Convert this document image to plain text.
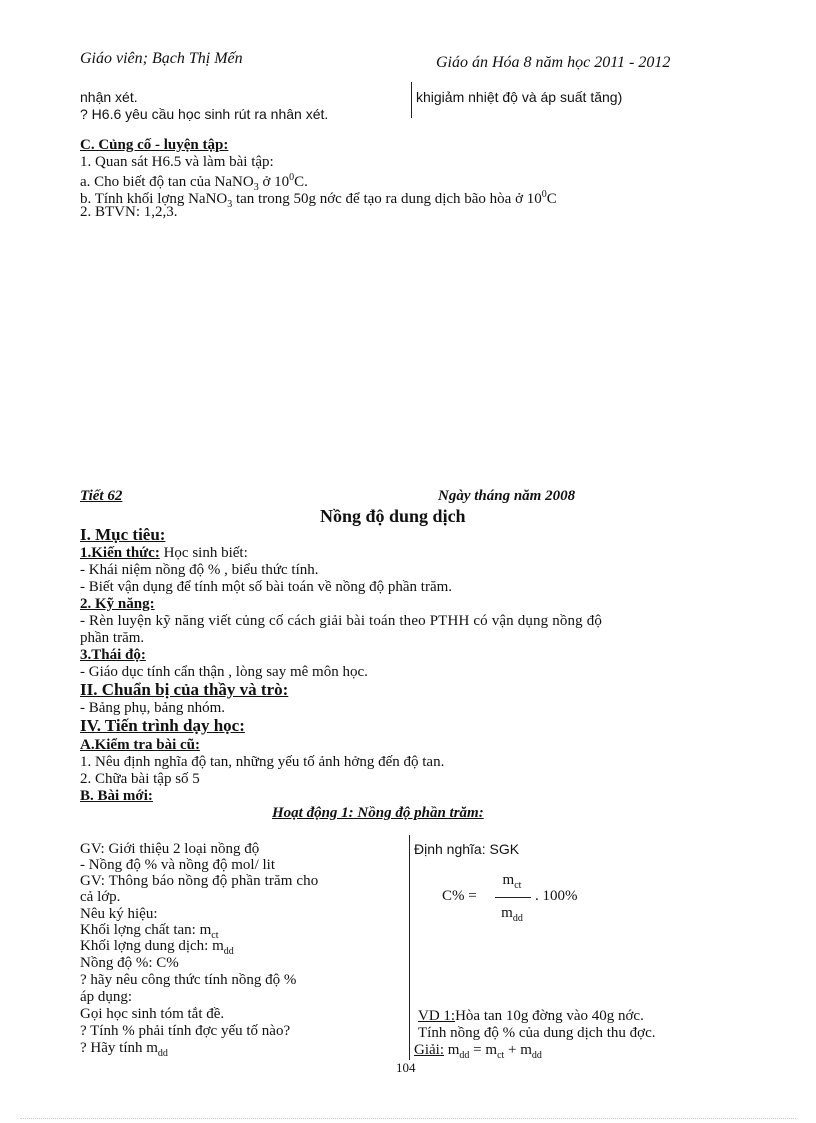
Giáo viên; Bạch Thị Mến	Giáo án Hóa 8 năm học 2011 - 2012
nhận xét.
? H6.6 yêu cầu học sinh rút ra nhân xét.
khigiảm nhiệt độ và áp suất tăng)
C. Củng cố - luyện tập:
1. Quan sát H6.5 và làm bài tập:
a. Cho biết độ tan của NaNO$_3$ ở $10^0C$.
b. Tính khối lợng NaNO$_3$ tan trong 50g nớc để tạo ra dung dịch bão hòa ở $10^0C$
2. BTVN: 1,2,3.
Tiết 62	Ngày tháng năm 2008
Nồng độ dung dịch
I. Mục tiêu:
1.Kiến thức: Học sinh biết:
- Khái niệm nồng độ % , biểu thức tính.
- Biết vận dụng để tính một số bài toán về nồng độ phần trăm.
2. Kỹ năng:
- Rèn luyện kỹ năng viết củng cố cách giải bài toán theo PTHH có vận dụng nồng độ
phần trăm.
3.Thái độ:
- Giáo dục tính cẩn thận , lòng say mê môn học.
II. Chuẩn bị của thầy và trò:
- Bảng phụ, bảng nhóm.
IV. Tiến trình dạy học:
A.Kiểm tra bài cũ:
1. Nêu định nghĩa độ tan, những yếu tố ảnh hởng đến độ tan.
2. Chữa bài tập số 5
B. Bài mới:
Hoạt động 1: Nồng độ phần trăm:
GV: Giới thiệu 2 loại nồng độ
- Nồng độ % và nồng độ mol/ lit
GV: Thông báo nồng độ phần trăm cho
cả lớp.
Nêu ký hiệu:
Khối lợng chất tan: $m_{ct}$
Khối lợng dung dịch: $m_{dd}$
Nồng độ %: C%
? hãy nêu công thức tính nồng độ %
áp dụng:
Gọi học sinh tóm tắt đề.
? Tính % phải tính đợc yếu tố nào?
? Hãy tính $m_{dd}$
Định nghĩa: SGK
C% =
$m_{ct}$
$m_{dd}$
. 100%
VD 1:Hòa tan 10g đờng vào 40g nớc.
Tính nồng độ % của dung dịch thu đợc.
Giải: $m_{dd} = m_{ct} + m_{dd}$
104
